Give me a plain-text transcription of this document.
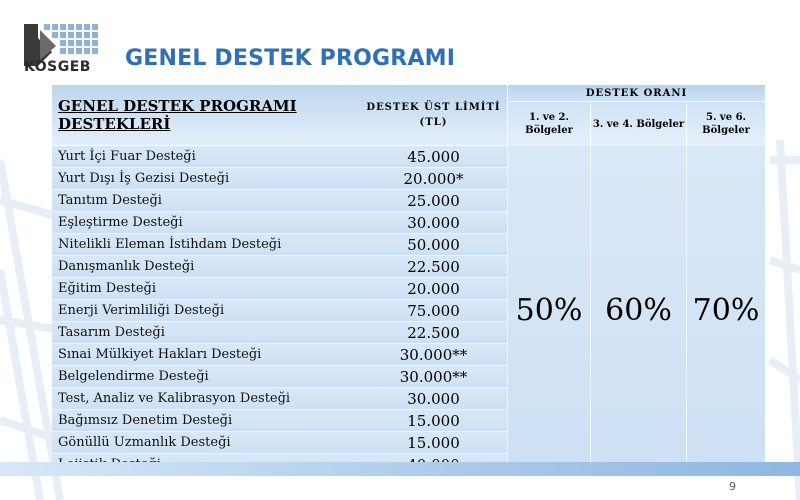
KOSGEB GENEL DESTEK PROGRAMI
GENEL DESTEK PROGRAMI DESTEKLERİ	DESTEK ÜST LİMİTİ (TL)	DESTEK ORANI		
		1. ve 2. Bölgeler	3. ve 4. Bölgeler	5. ve 6. Bölgeler
Yurt İçi Fuar Desteği	45.000	50%	60%	70%
Yurt Dışı İş Gezisi Desteği	20.000*			
Tanıtım Desteği	25.000			
Eşleştirme Desteği	30.000			
Nitelikli Eleman İstihdam Desteği	50.000			
Danışmanlık Desteği	22.500			
Eğitim Desteği	20.000			
Enerji Verimliliği Desteği	75.000			
Tasarım Desteği	22.500			
Sınai Mülkiyet Hakları Desteği	30.000**			
Belgelendirme Desteği	30.000**			
Test, Analiz ve Kalibrasyon Desteği	30.000			
Bağımsız Denetim Desteği	15.000			
Gönüllü Uzmanlık Desteği	15.000			

9
